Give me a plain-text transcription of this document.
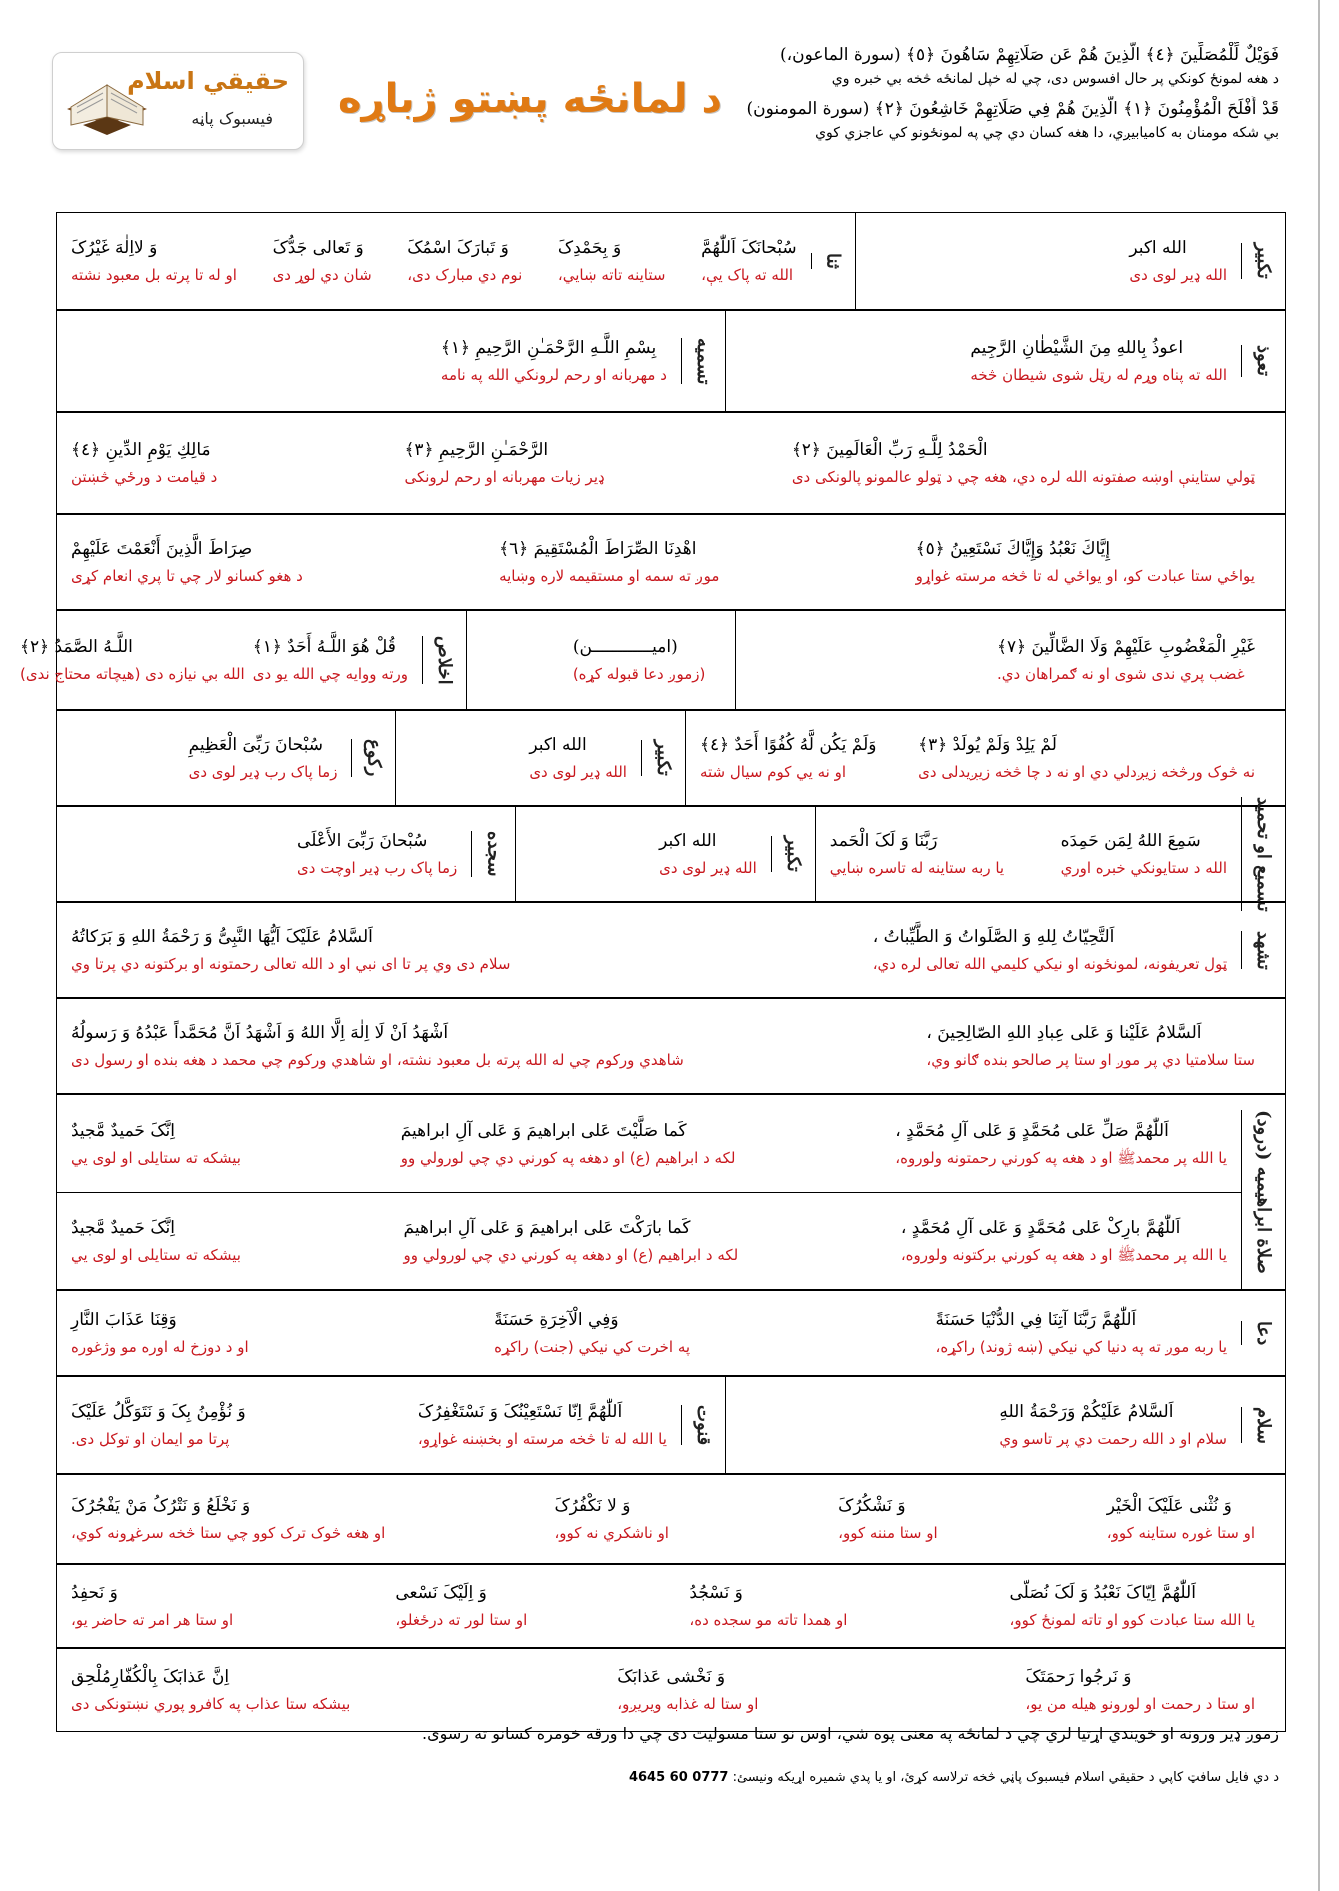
حقيقي اسلام
فيسبوک پاڼه د لمانځه پښتو ژباړه
فَوَيْلٌ لِّلْمُصَلِّينَ ﴿٤﴾ الَّذِينَ هُمْ عَن صَلَاتِهِمْ سَاهُونَ ﴿٥﴾ (سورة الماعون،)
د هغه لمونځ کونکي پر حال افسوس دی، چي له خپل لمانځه څخه بي خبره وي
قَدْ أَفْلَحَ الْمُؤْمِنُونَ ﴿١﴾ الَّذِينَ هُمْ فِي صَلَاتِهِمْ خَاشِعُونَ ﴿٢﴾ (سورة المومنون)
بي شکه مومنان به کامیابیږي، دا هغه کسان دي چي په لمونځونو کي عاجزي کوي
تکبیر
الله اکبر
الله ډير لوی دی
ثنا
سُبْحانَکَ اَللّٰهُمَّ
الله ته پاک یې،
وَ بِحَمْدِکَ
ستاینه تاته ښایي،
وَ تَبارَکَ اسْمُکَ
نوم دي مبارک دی،
وَ تَعالی جَدُّکَ
شان دي لوړ دی
وَ لااِلٰهَ غَيْرُکَ
او له تا پرته بل معبود نشته
تعوذ
اعوذُ بِاللهِ مِنَ الشَّيْطٰانِ الرَّجِيم
الله ته پناه وړم له رټل شوی شیطان څخه
تسمیه
بِسْمِ اللَّـهِ الرَّحْمَـٰنِ الرَّحِيمِ ﴿١﴾
د مهربانه او رحم لرونکي الله په نامه
الْحَمْدُ لِلَّـهِ رَبِّ الْعَالَمِينَ ﴿٢﴾
ټولي ستاینې اوښه صفتونه الله لره دي، هغه چي د ټولو عالمونو پالونکی دی
الرَّحْمَـٰنِ الرَّحِيمِ ﴿٣﴾
ډير زيات مهربانه او رحم لرونکی
مَالِكِ يَوْمِ الدِّينِ ﴿٤﴾
د قیامت د ورځي څښتن
إِيَّاكَ نَعْبُدُ وَإِيَّاكَ نَسْتَعِينُ ﴿٥﴾
یواځي ستا عبادت کو، او یواځي له تا څخه مرسته غواړو
اهْدِنَا الصِّرَاطَ الْمُسْتَقِيمَ ﴿٦﴾
موږ ته سمه او مستقیمه لاره وښایه
صِرَاطَ الَّذِينَ أَنْعَمْتَ عَلَيْهِمْ
د هغو کسانو لار چي تا پري انعام کړی
غَيْرِ الْمَغْضُوبِ عَلَيْهِمْ وَلَا الضَّالِّينَ ﴿٧﴾
غضب پري ندی شوی او نه ګمراهان دي.
(امیــــــــــــن)
(زموږ دعا قبوله کړه)
اخلاص
قُلْ هُوَ اللَّـهُ أَحَدٌ ﴿١﴾
ورته ووايه چي الله يو دی
اللَّـهُ الصَّمَدُ ﴿٢﴾
الله بي نيازه دی (هيچاته محتاج ندی)
لَمْ يَلِدْ وَلَمْ يُولَدْ ﴿٣﴾
نه څوک ورڅخه زيږدلي دي او نه د چا څخه زيږيدلی دی
وَلَمْ يَكُن لَّهُ كُفُوًا أَحَدٌ ﴿٤﴾
او نه يي کوم سيال شته
تکبیر
الله اکبر
الله ډير لوی دی
رکوع
سُبْحانَ رَبِّیَ الْعَظِيمِ
زما پاک رب ډير لوی دی
تسمیع او تحمید
سَمِعَ اللهُ لِمَن حَمِدَه
الله د ستايونکي خبره اوري
رَبَّنَا وَ لَکَ الْحَمد
يا ربه ستاينه له تاسره ښايي
تکبیر
الله اکبر
الله ډير لوی دی
سجده
سُبْحانَ رَبِّیَ الأَعْلَی
زما پاک رب ډير اوچت دی
تشهد
اَلتَّحِيّاتُ لِلهِ وَ الصَّلَواتُ وَ الطَّيِّباتُ ،
ټول تعريفونه، لمونځونه او نيکي کلیمي الله تعالی لره دي،
اَلسَّلامُ عَلَيْکَ اَيُّهَا النَّبِیُّ وَ رَحْمَةُ اللهِ وَ بَرَکاتُهُ
سلام دی وي پر تا ای نبي او د الله تعالی رحمتونه او برکتونه دي پرتا وي
اَلسَّلامُ عَلَيْنا وَ عَلی عِبادِ اللهِ الصّالِحِينَ ،
ستا سلامتيا دي پر موږ او ستا پر صالحو بنده ګانو وي،
اَشْهَدُ اَنْ لَا اِلٰهَ اِلَّا اللهُ وَ اَشْهَدُ اَنَّ مُحَمَّداً عَبْدُهُ وَ رَسولُهُ
شاهدي ورکوم چي له الله پرته بل معبود نشته، او شاهدي ورکوم چي محمد د هغه بنده او رسول دی
صلاة ابراهیمیه (درود)
اَللّٰهُمَّ صَلِّ عَلی مُحَمَّدٍ وَ عَلی آلِ مُحَمَّدٍ ،
يا الله پر محمدﷺ او د هغه په کورني رحمتونه ولوروه،
كَما صَلَّيْتَ عَلی ابراهيمَ وَ عَلی آلِ ابراهيمَ
لکه د ابراهيم (ع) او دهغه په کورني دي چي لورولي وو
اِنَّکَ حَميدٌ مَّجيدٌ
بيشکه ته ستايلی او لوی يي
اَللّٰهُمَّ بارِکْ عَلی مُحَمَّدٍ وَ عَلی آلِ مُحَمَّدٍ ،
يا الله پر محمدﷺ او د هغه په کورني برکتونه ولوروه،
كَما بارَكْتَ عَلی ابراهيمَ وَ عَلی آلِ ابراهيمَ
لکه د ابراهيم (ع) او دهغه په کورني دي چي لورولي وو
اِنَّکَ حَميدٌ مَّجيدٌ
بيشکه ته ستايلی او لوی يي
دعا
اَللّٰهُمَّ رَبَّنَا آتِنَا فِي الدُّنْيَا حَسَنَةً
يا ربه موږ ته په دنيا کي نيکي (ښه ژوند) راکړه،
وَفِي الْآخِرَةِ حَسَنَةً
په اخرت کي نيکي (جنت) راکړه
وَقِنَا عَذَابَ النَّارِ
او د دوزخ له اوره مو وژغوره
سلام
اَلسَّلامُ عَلَيْکُمْ وَرَحْمَةُ اللهِ
سلام او د الله رحمت دي پر تاسو وي
قنوت
اَللّٰهُمَّ اِنّا نَسْتَعِيْنُکَ وَ نَسْتَغْفِرُکَ
يا الله له تا څخه مرسته او بخښنه غواړو،
وَ نُؤْمِنُ بِکَ وَ نَتَوَکَّلُ عَلَيْکَ
پرتا مو ايمان او توکل دی.
وَ نُثْنی عَلَيْکَ الْخَيْر
او ستا غوره ستاينه کوو،
وَ نَشْکُرُکَ
او ستا مننه کوو،
وَ لا نَکْفُرُکَ
او ناشکري نه کوو،
وَ نَخْلَعُ وَ نَتْرُکُ مَنْ يَفْجُرُکَ
او هغه څوک ترک کوو چي ستا څخه سرغړونه کوي،
اَللّٰهُمَّ اِيّاکَ نَعْبُدُ وَ لَکَ نُصَلّی
يا الله ستا عبادت کوو او تاته لمونځ کوو،
وَ نَسْجُدُ
او همدا تاته مو سجده ده،
وَ اِلَيْکَ نَسْعی
او ستا لور ته درځغلو،
وَ نَحفِدُ
او ستا هر امر ته حاضر يو،
وَ نَرجُوا رَحمَتَکَ
او ستا د رحمت او لورونو هيله من يو،
وَ نَخْشی عَذابَکَ
او ستا له غذابه ويريږو،
اِنَّ عَذابَکَ بِالْکُفّارِمُلْحِق
بيشکه ستا عذاب په کافرو پوري نښتونکی دی
زموږ ډير ورونه او خويندي اړتيا لري چي د لمانځه په معنی پوه شي، اوس نو ستا مسوليت دی چي دا ورقه خومره کسانو ته رسوی.
د دي فايل سافټ کاپي د حقيقي اسلام فيسبوک پاڼي څخه ترلاسه کړئ، او يا پدي شميره اړيکه ونيسئ: 0777 60 4645
